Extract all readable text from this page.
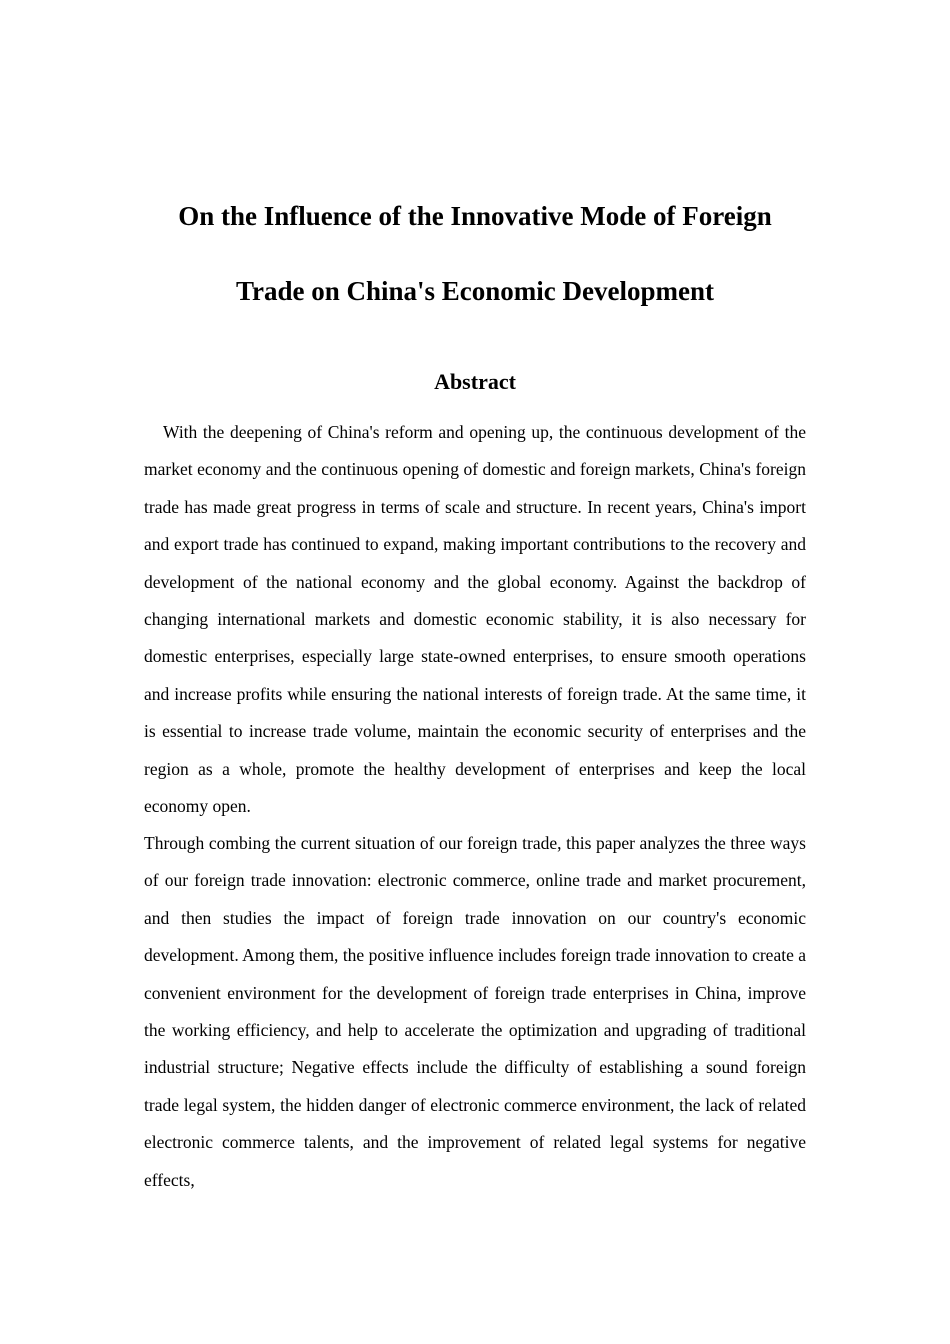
On the Influence of the Innovative Mode of Foreign
Trade on China's Economic Development
Abstract

With the deepening of China's reform and opening up, the continuous development of the market economy and the continuous opening of domestic and foreign markets, China's foreign trade has made great progress in terms of scale and structure. In recent years, China's import and export trade has continued to expand, making important contributions to the recovery and development of the national economy and the global economy. Against the backdrop of changing international markets and domestic economic stability, it is also necessary for domestic enterprises, especially large state-owned enterprises, to ensure smooth operations and increase profits while ensuring the national interests of foreign trade. At the same time, it is essential to increase trade volume, maintain the economic security of enterprises and the region as a whole, promote the healthy development of enterprises and keep the local economy open.

Through combing the current situation of our foreign trade, this paper analyzes the three ways of our foreign trade innovation: electronic commerce, online trade and market procurement, and then studies the impact of foreign trade innovation on our country's economic development. Among them, the positive influence includes foreign trade innovation to create a convenient environment for the development of foreign trade enterprises in China, improve the working efficiency, and help to accelerate the optimization and upgrading of traditional industrial structure; Negative effects include the difficulty of establishing a sound foreign trade legal system, the hidden danger of electronic commerce environment, the lack of related electronic commerce talents, and the improvement of related legal systems for negative effects,
